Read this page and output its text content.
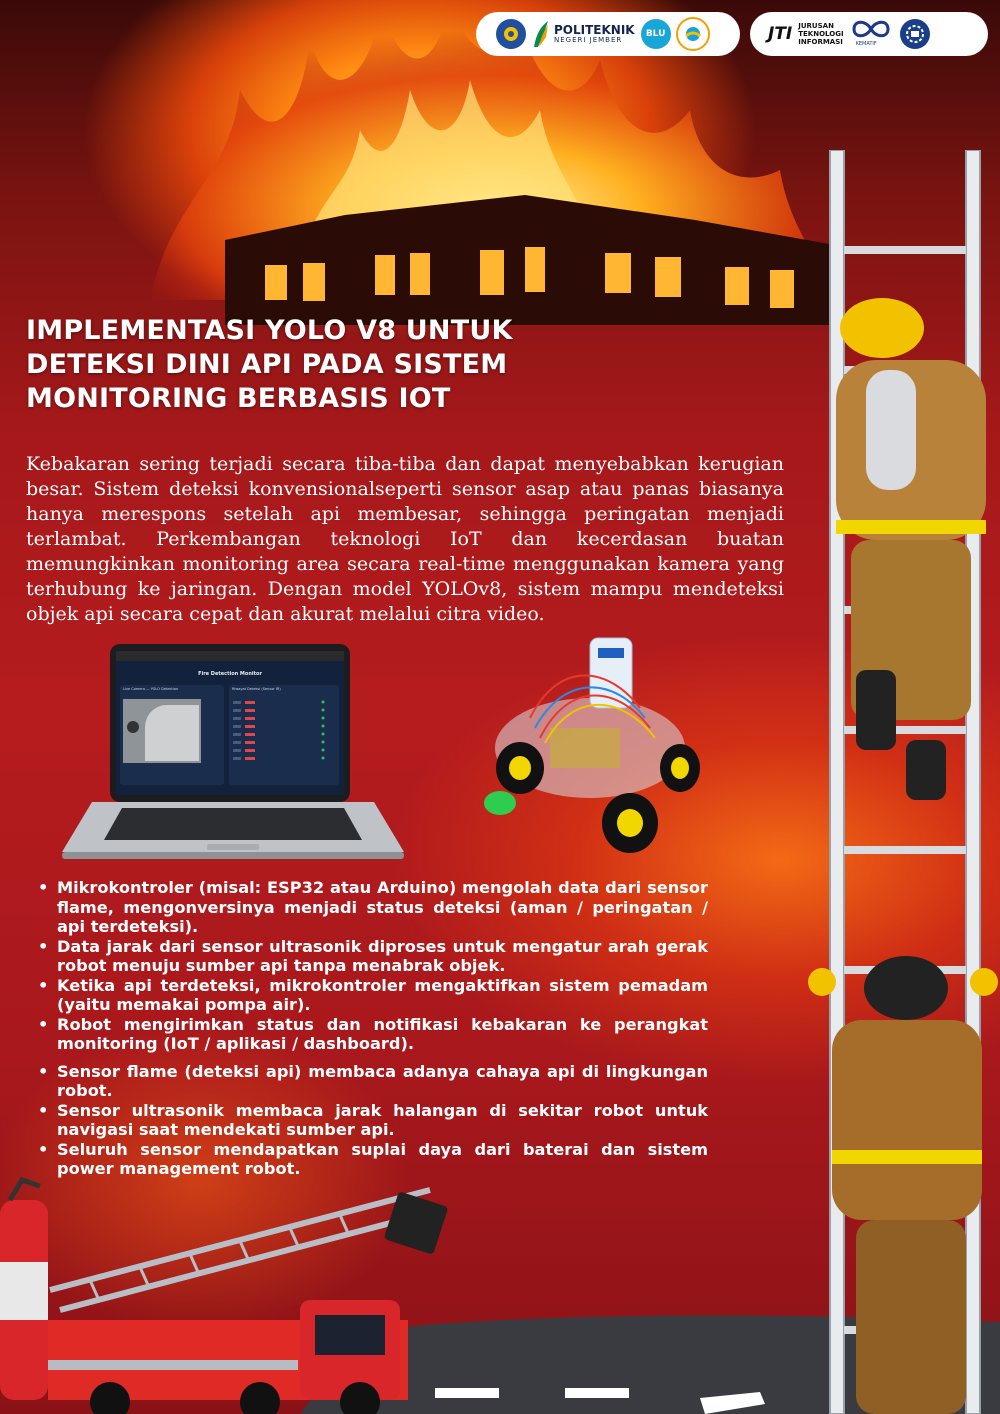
POLITEKNIK
NEGERI JEMBER
BLU	JTI JURUSAN
TEKNOLOGI
INFORMASI	KEMATIF
IMPLEMENTASI YOLO V8 UNTUK DETEKSI DINI API PADA SISTEM MONITORING BERBASIS IOT

Kebakaran sering terjadi secara tiba-tiba dan dapat menyebabkan kerugian besar. Sistem deteksi konvensionalseperti sensor asap atau panas biasanya hanya merespons setelah api membesar, sehingga peringatan menjadi terlambat. Perkembangan teknologi IoT dan kecerdasan buatan memungkinkan monitoring area secara real-time menggunakan kamera yang terhubung ke jaringan. Dengan model YOLOv8, sistem mampu mendeteksi objek api secara cepat dan akurat melalui citra video.

Fire Detection Monitor
Live Camera — YOLO Detection	Riwayat Deteksi (Sensor IR)
• Mikrokontroler (misal: ESP32 atau Arduino) mengolah data dari sensor flame, mengonversinya menjadi status deteksi (aman / peringatan / api terdeteksi).
• Data jarak dari sensor ultrasonik diproses untuk mengatur arah gerak robot menuju sumber api tanpa menabrak objek.
• Ketika api terdeteksi, mikrokontroler mengaktifkan sistem pemadam (yaitu memakai pompa air).
• Robot mengirimkan status dan notifikasi kebakaran ke perangkat monitoring (IoT / aplikasi / dashboard).
• Sensor flame (deteksi api) membaca adanya cahaya api di lingkungan robot.
• Sensor ultrasonik membaca jarak halangan di sekitar robot untuk navigasi saat mendekati sumber api.
• Seluruh sensor mendapatkan suplai daya dari baterai dan sistem power management robot.
